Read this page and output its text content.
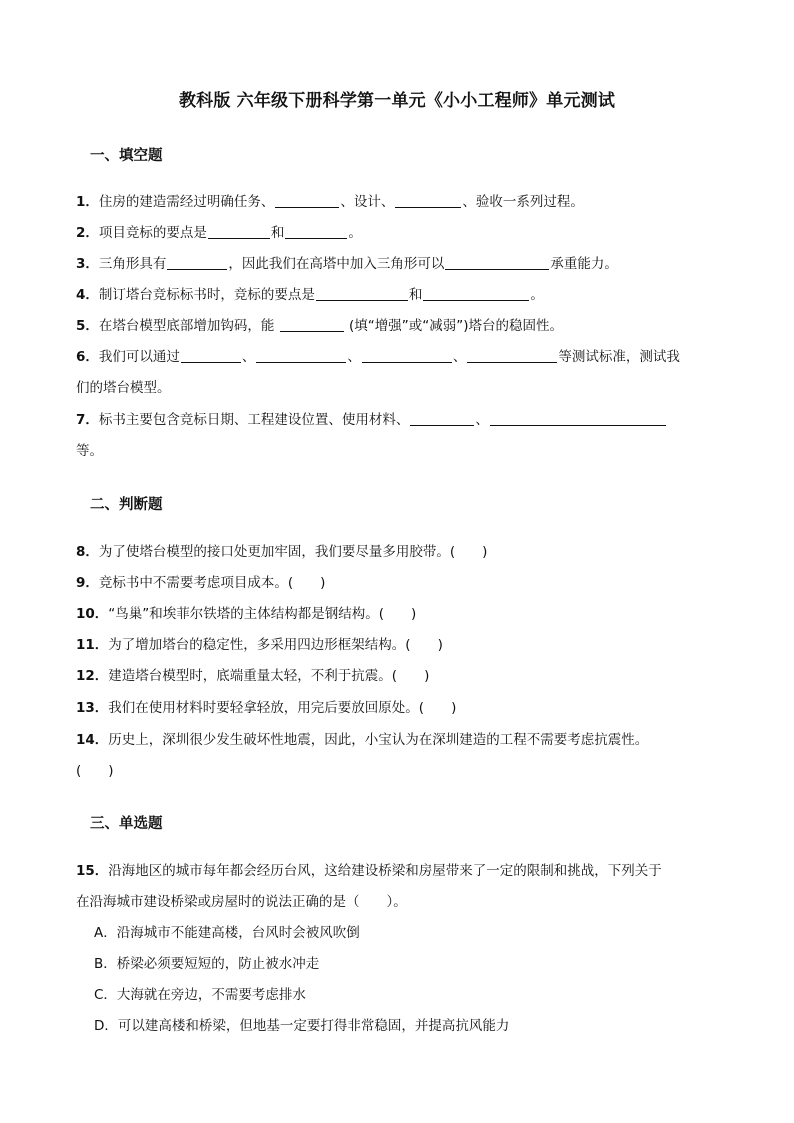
教科版 六年级下册科学第一单元《小小工程师》单元测试
一、填空题
1．住房的建造需经过明确任务、	、设计、	、验收一系列过程。
2．项目竞标的要点是	和	。
3．三角形具有	，因此我们在高塔中加入三角形可以	承重能力。
4．制订塔台竞标标书时，竞标的要点是	和	。
5．在塔台模型底部增加钩码，能	(填“增强”或“减弱”)塔台的稳固性。
6．我们可以通过	、	、	、	等测试标准，测试我
们的塔台模型。
7．标书主要包含竞标日期、工程建设位置、使用材料、	、
等。
二、判断题
8．为了使塔台模型的接口处更加牢固，我们要尽量多用胶带。(　　)
9．竞标书中不需要考虑项目成本。(　　)
10．“鸟巢”和埃菲尔铁塔的主体结构都是钢结构。(　　)
11．为了增加塔台的稳定性，多采用四边形框架结构。(　　)
12．建造塔台模型时，底端重量太轻，不利于抗震。(　　)
13．我们在使用材料时要轻拿轻放，用完后要放回原处。(　　)
14．历史上，深圳很少发生破坏性地震，因此，小宝认为在深圳建造的工程不需要考虑抗震性。
(　　)
三、单选题
15．沿海地区的城市每年都会经历台风，这给建设桥梁和房屋带来了一定的限制和挑战，下列关于
在沿海城市建设桥梁或房屋时的说法正确的是（　　）。
A．沿海城市不能建高楼，台风时会被风吹倒
B．桥梁必须要短短的，防止被水冲走
C．大海就在旁边，不需要考虑排水
D．可以建高楼和桥梁，但地基一定要打得非常稳固，并提高抗风能力
